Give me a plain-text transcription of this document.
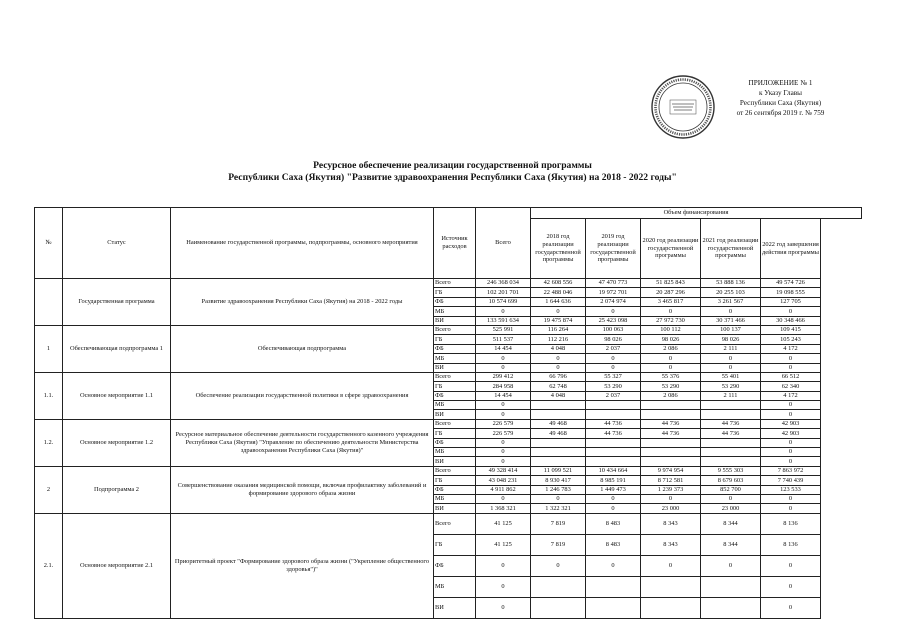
ПРИЛОЖЕНИЕ № 1
к Указу Главы
Республики Саха (Якутия)
от 26 сентября 2019 г. № 759
Ресурсное обеспечение реализации государственной программы
Республики Саха (Якутия) "Развитие здравоохранения Республики Саха (Якутия) на 2018 - 2022 годы"
№	Статус	Наименование государственной программы, подпрограммы, основного мероприятия	Источник расходов	Всего	Объем финансирования				
					2018 год реализации государственной программы	2019 год реализации государственной программы	2020 год реализации государственной программы	2021 год реализации государственной программы	2022 год завершения действия программы
	Государственная программа	Развитие здравоохранения Республики Саха (Якутия) на 2018 - 2022 годы	Всего	246 368 034	42 608 556	47 470 773	51 825 843	53 888 136	49 574 726
			ГБ	102 201 701	22 488 046	19 972 701	20 287 296	20 255 103	19 098 555
			ФБ	10 574 699	1 644 636	2 074 974	3 465 817	3 261 567	127 705
			МБ	0	0	0	0	0	0
			ВИ	133 591 634	19 475 874	25 423 098	27 972 730	30 371 466	30 348 466
1	Обеспечивающая подпрограмма 1	Обеспечивающая подпрограмма	Всего	525 991	116 264	100 063	100 112	100 137	109 415
			ГБ	511 537	112 216	98 026	98 026	98 026	105 243
			ФБ	14 454	4 048	2 037	2 086	2 111	4 172
			МБ	0	0	0	0	0	0
			ВИ	0	0	0	0	0	0
1.1.	Основное мероприятие 1.1	Обеспечение реализации государственной политики в сфере здравоохранения	Всего	299 412	66 796	55 327	55 376	55 401	66 512
			ГБ	284 958	62 748	53 290	53 290	53 290	62 340
			ФБ	14 454	4 048	2 037	2 086	2 111	4 172
			МБ	0					0
			ВИ	0					0
1.2.	Основное мероприятие 1.2	Ресурсное материальное обеспечение деятельности государственного казенного учреждения Республики Саха (Якутия) "Управление по обеспечению деятельности Министерства здравоохранения Республики Саха (Якутия)"	Всего	226 579	49 468	44 736	44 736	44 736	42 903
			ГБ	226 579	49 468	44 736	44 736	44 736	42 903
			ФБ	0					0
			МБ	0					0
			ВИ	0					0
2	Подпрограмма 2	Совершенствование оказания медицинской помощи, включая профилактику заболеваний и формирование здорового образа жизни	Всего	49 328 414	11 099 521	10 434 664	9 974 954	9 555 303	7 863 972
			ГБ	43 048 231	8 930 417	8 985 191	8 712 581	8 679 603	7 740 439
			ФБ	4 911 862	1 246 783	1 449 473	1 239 373	852 700	123 533
			МБ	0	0	0	0	0	0
			ВИ	1 368 321	1 322 321	0	23 000	23 000	0
2.1.	Основное мероприятие 2.1	Приоритетный проект "Формирование здорового образа жизни ("Укрепление общественного здоровья")"	Всего	41 125	7 819	8 483	8 343	8 344	8 136
			ГБ	41 125	7 819	8 483	8 343	8 344	8 136
			ФБ	0	0	0	0	0	0
			МБ	0					0
			ВИ	0					0
